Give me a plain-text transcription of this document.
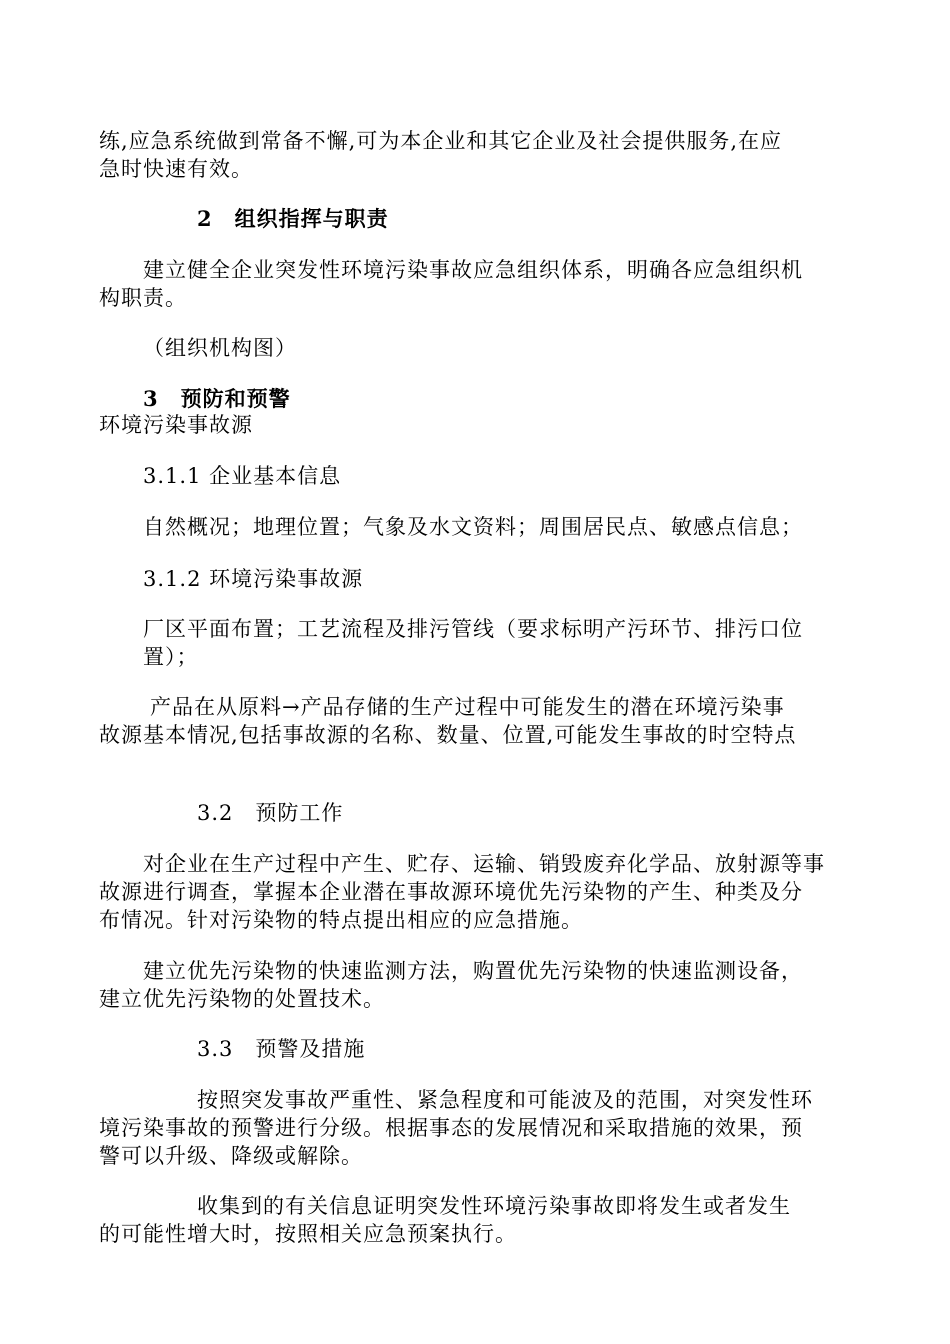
练,应急系统做到常备不懈,可为本企业和其它企业及社会提供服务,在应
急时快速有效。
2　组织指挥与职责
建立健全企业突发性环境污染事故应急组织体系，明确各应急组织机
构职责。
（组织机构图）
3　预防和预警
环境污染事故源
3.1.1 企业基本信息
自然概况；地理位置；气象及水文资料；周围居民点、敏感点信息；
3.1.2 环境污染事故源
厂区平面布置；工艺流程及排污管线（要求标明产污环节、排污口位
置）；
产品在从原料→产品存储的生产过程中可能发生的潜在环境污染事
故源基本情况,包括事故源的名称、数量、位置,可能发生事故的时空特点
3.2　预防工作
对企业在生产过程中产生、贮存、运输、销毁废弃化学品、放射源等事
故源进行调查，掌握本企业潜在事故源环境优先污染物的产生、种类及分
布情况。针对污染物的特点提出相应的应急措施。
建立优先污染物的快速监测方法，购置优先污染物的快速监测设备，
建立优先污染物的处置技术。
3.3　预警及措施
按照突发事故严重性、紧急程度和可能波及的范围，对突发性环
境污染事故的预警进行分级。根据事态的发展情况和采取措施的效果，预
警可以升级、降级或解除。
收集到的有关信息证明突发性环境污染事故即将发生或者发生
的可能性增大时，按照相关应急预案执行。
